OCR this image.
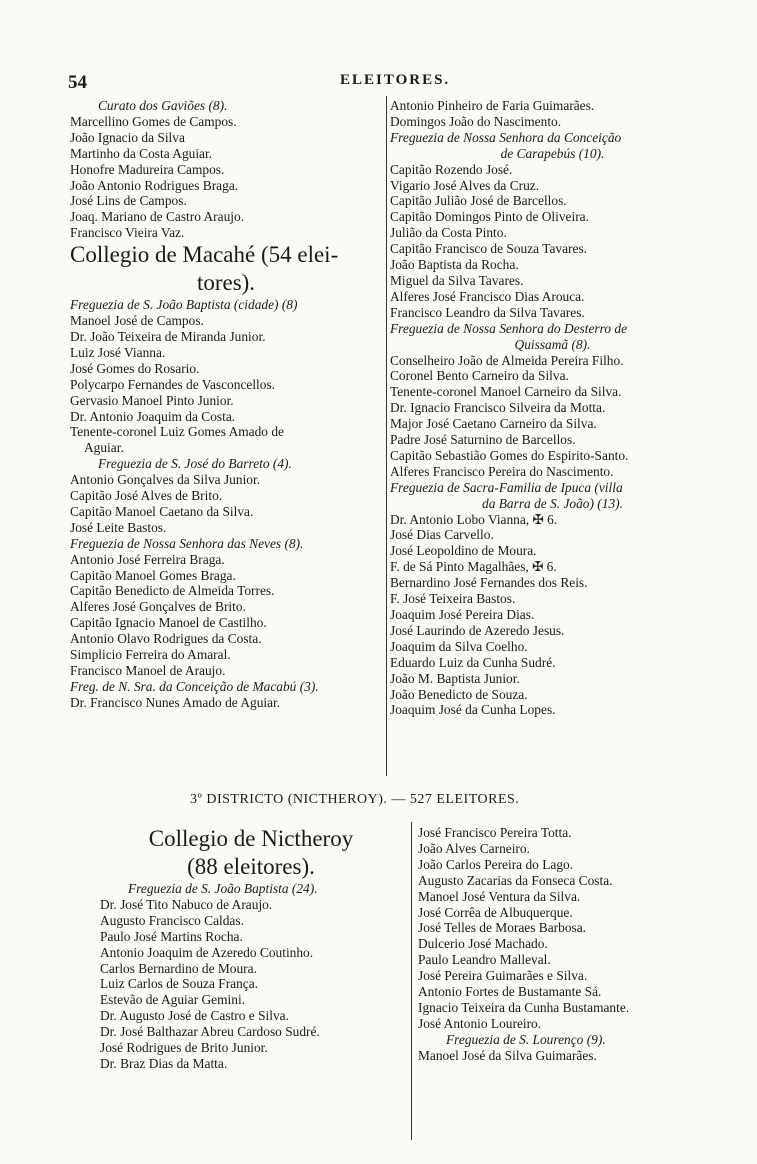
54	ELEITORES.
Curato dos Gaviões (8).
Marcellino Gomes de Campos.
João Ignacio da Silva
Martinho da Costa Aguiar.
Honofre Madureira Campos.
João Antonio Rodrigues Braga.
José Lins de Campos.
Joaq. Mariano de Castro Araujo.
Francisco Vieira Vaz.
Collegio de Macahé (54 elei-
tores).
Freguezia de S. João Baptista (cidade) (8)
Manoel José de Campos.
Dr. João Teixeira de Miranda Junior.
Luiz José Vianna.
José Gomes do Rosario.
Polycarpo Fernandes de Vasconcellos.
Gervasio Manoel Pinto Junior.
Dr. Antonio Joaquim da Costa.
Tenente-coronel Luiz Gomes Amado de
Aguiar.
Freguezia de S. José do Barreto (4).
Antonio Gonçalves da Silva Junior.
Capitão José Alves de Brito.
Capitão Manoel Caetano da Silva.
José Leite Bastos.
Freguezia de Nossa Senhora das Neves (8).
Antonio José Ferreira Braga.
Capitão Manoel Gomes Braga.
Capitão Benedicto de Almeida Torres.
Alferes José Gonçalves de Brito.
Capitão Ignacio Manoel de Castilho.
Antonio Olavo Rodrigues da Costa.
Simplicio Ferreira do Amaral.
Francisco Manoel de Araujo.
Freg. de N. Sra. da Conceição de Macabú (3).
Dr. Francisco Nunes Amado de Aguiar.
Antonio Pinheiro de Faria Guimarães.
Domingos João do Nascimento.
Freguezia de Nossa Senhora da Conceição
de Carapebús (10).
Capitão Rozendo José.
Vigario José Alves da Cruz.
Capitão Julião José de Barcellos.
Capitão Domingos Pinto de Oliveira.
Julião da Costa Pinto.
Capitão Francisco de Souza Tavares.
João Baptista da Rocha.
Miguel da Silva Tavares.
Alferes José Francisco Dias Arouca.
Francisco Leandro da Silva Tavares.
Freguezia de Nossa Senhora do Desterro de
Quissamã (8).
Conselheiro João de Almeida Pereira Filho.
Coronel Bento Carneiro da Silva.
Tenente-coronel Manoel Carneiro da Silva.
Dr. Ignacio Francisco Silveira da Motta.
Major José Caetano Carneiro da Silva.
Padre José Saturnino de Barcellos.
Capitão Sebastião Gomes do Espirito-Santo.
Alferes Francisco Pereira do Nascimento.
Freguezia de Sacra-Familia de Ipuca (villa
da Barra de S. João) (13).
Dr. Antonio Lobo Vianna, ✠ 6.
José Dias Carvello.
José Leopoldino de Moura.
F. de Sá Pinto Magalhães, ✠ 6.
Bernardino José Fernandes dos Reis.
F. José Teixeira Bastos.
Joaquim José Pereira Dias.
José Laurindo de Azeredo Jesus.
Joaquim da Silva Coelho.
Eduardo Luiz da Cunha Sudré.
João M. Baptista Junior.
João Benedicto de Souza.
Joaquim José da Cunha Lopes.
3º DISTRICTO (NICTHEROY). — 527 ELEITORES.
Collegio de Nictheroy
(88 eleitores).
Freguezia de S. João Baptista (24).
Dr. José Tito Nabuco de Araujo.
Augusto Francisco Caldas.
Paulo José Martins Rocha.
Antonio Joaquim de Azeredo Coutinho.
Carlos Bernardino de Moura.
Luiz Carlos de Souza França.
Estevão de Aguiar Gemini.
Dr. Augusto José de Castro e Silva.
Dr. José Balthazar Abreu Cardoso Sudré.
José Rodrigues de Brito Junior.
Dr. Braz Dias da Matta.
José Francisco Pereira Totta.
João Alves Carneiro.
João Carlos Pereira do Lago.
Augusto Zacarias da Fonseca Costa.
Manoel José Ventura da Silva.
José Corrêa de Albuquerque.
José Telles de Moraes Barbosa.
Dulcerio José Machado.
Paulo Leandro Malleval.
José Pereira Guimarães e Silva.
Antonio Fortes de Bustamante Sá.
Ignacio Teixeira da Cunha Bustamante.
José Antonio Loureiro.
Freguezia de S. Lourenço (9).
Manoel José da Silva Guimarães.
